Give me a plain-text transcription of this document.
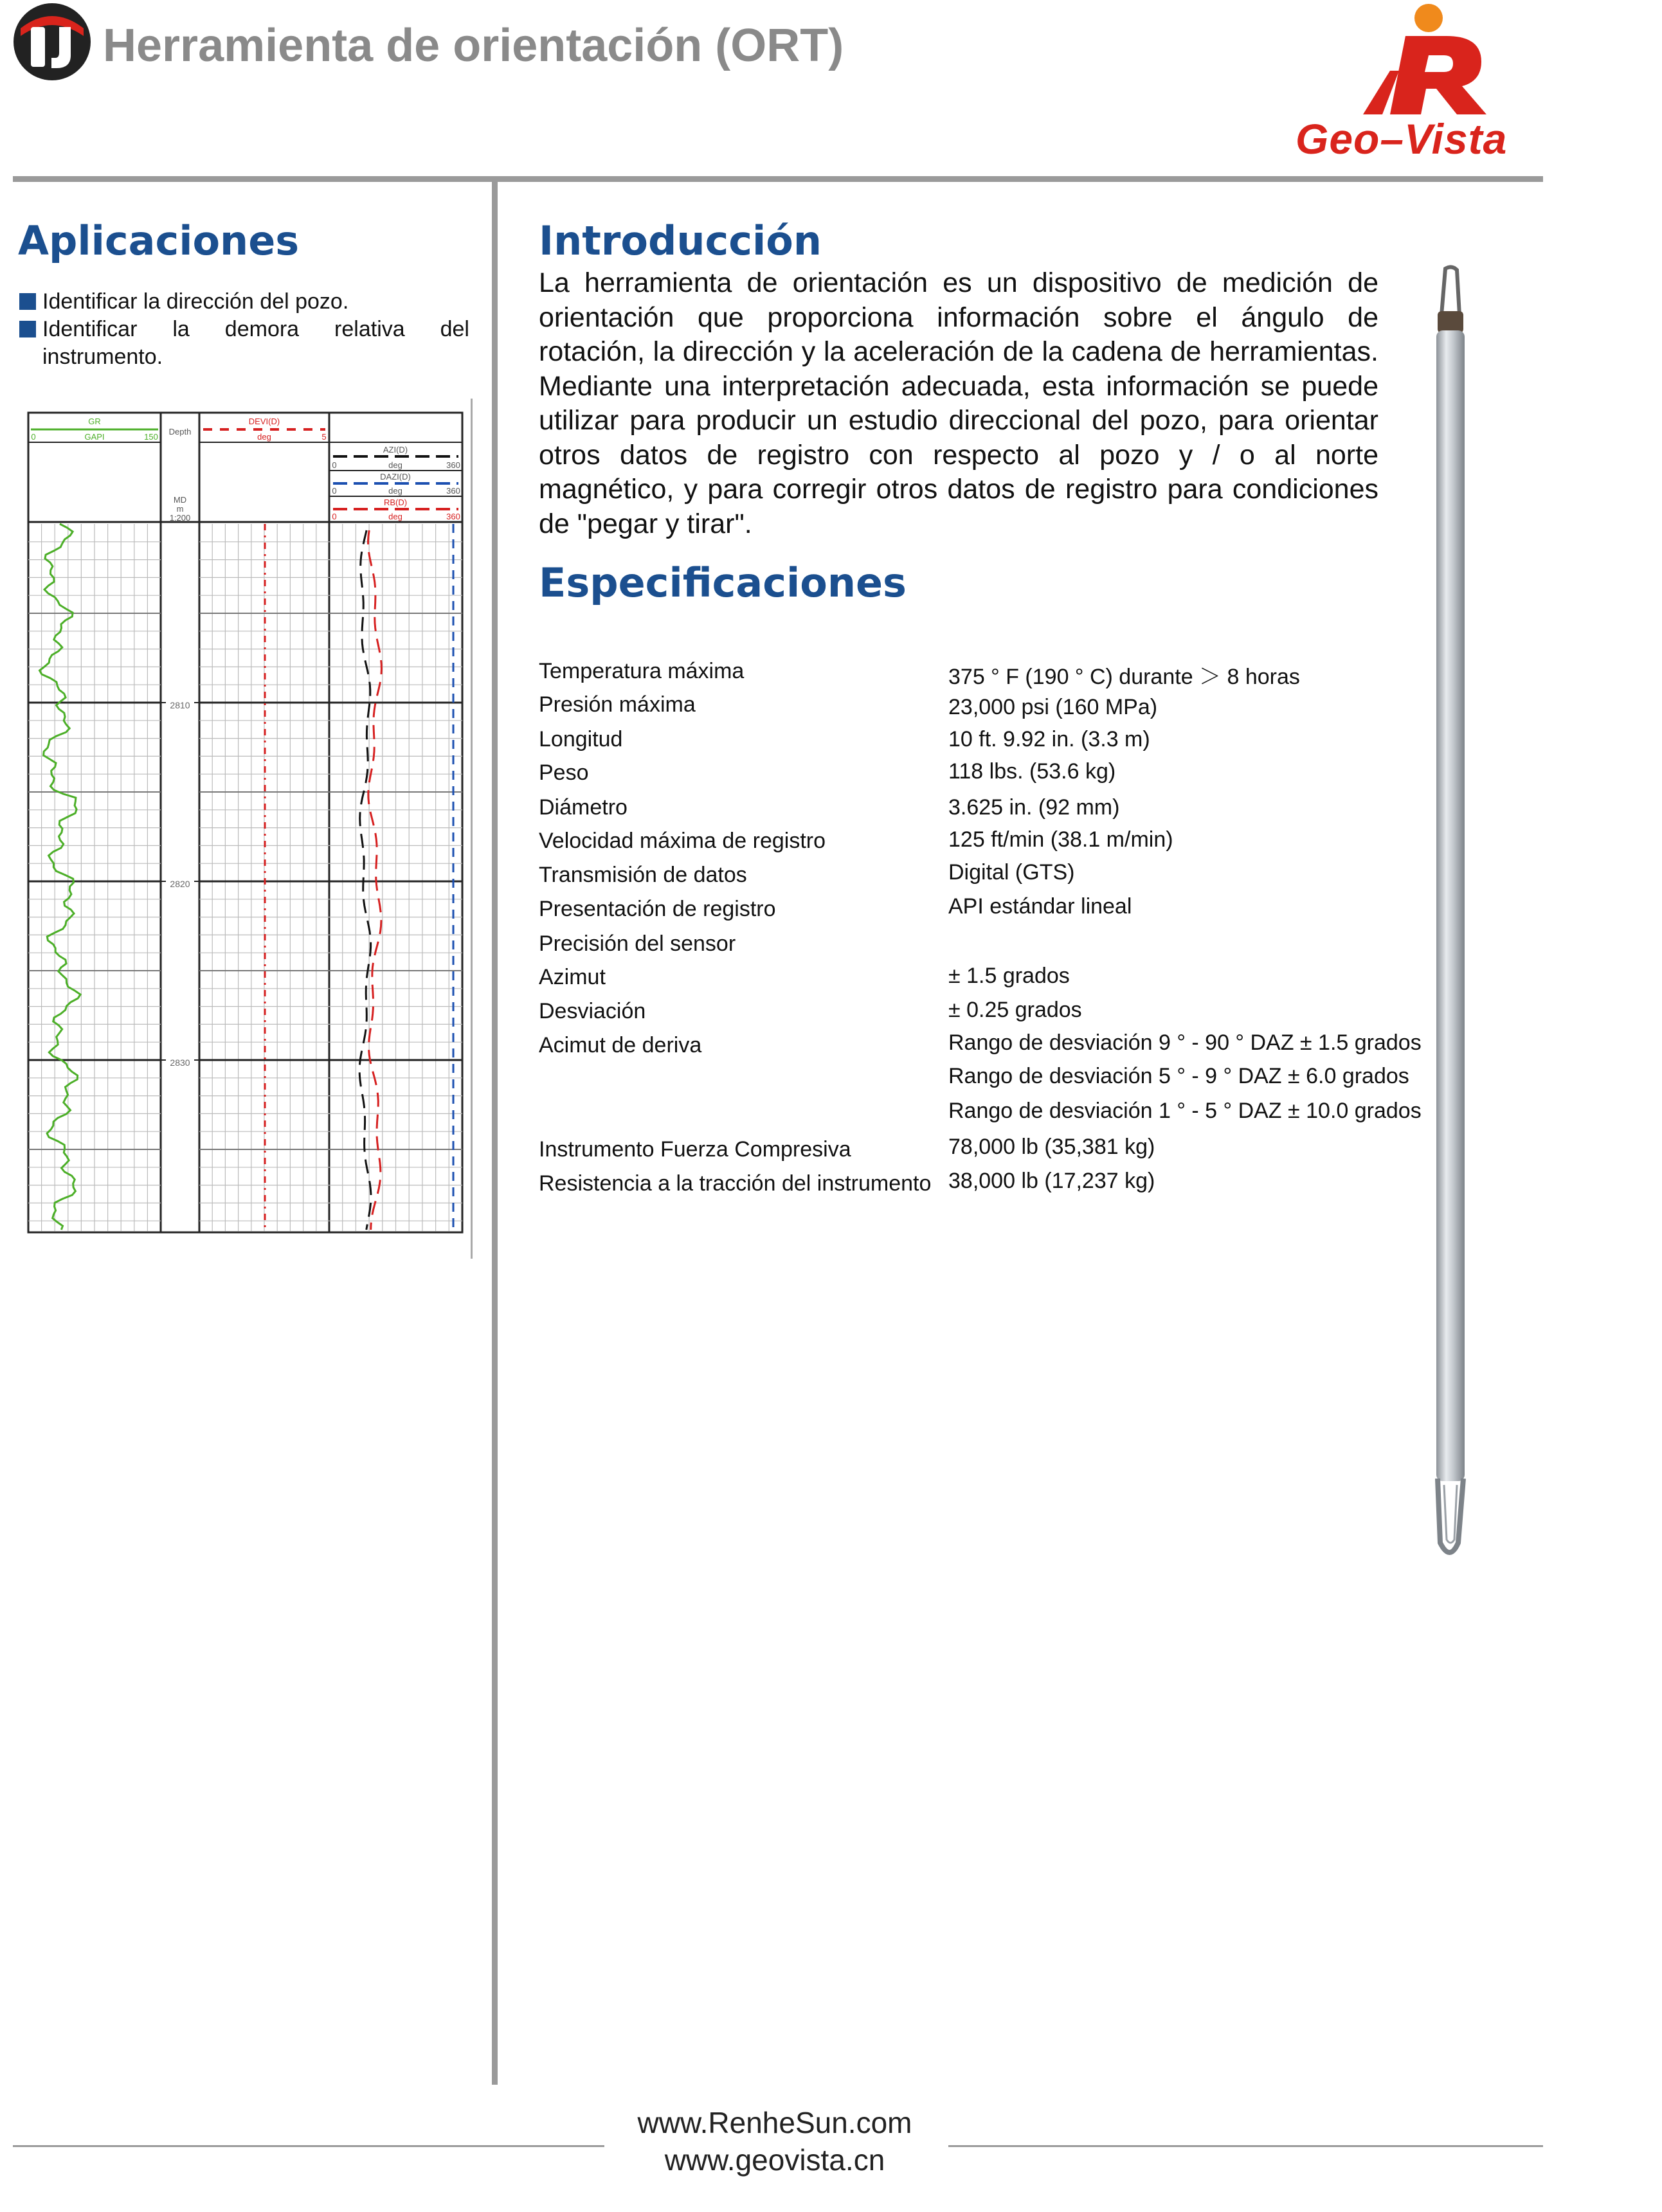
Herramienta de orientación (ORT)
Geo–Vista
Aplicaciones
Identificar la dirección del pozo.
Identificar la demora relativa del instrumento.
GR
GAPI
0	150
Depth
DEVI(D)
deg	5
AZI(D)
deg
0	360
DAZI(D)
deg
0	360
RB(D)
deg
0	360
MD
m
1:200
2810
2820
2830
Introducción

La herramienta de orientación es un dispositivo de medición de orientación que proporciona información sobre el ángulo de rotación, la dirección y la aceleración de la cadena de herramientas. Mediante una interpretación adecuada, esta información se puede utilizar para producir un estudio direccional del pozo, para orientar otros datos de registro con respecto al pozo y / o al norte magnético, y para corregir otros datos de registro para condiciones de "pegar y tirar".

Especificaciones
Temperatura máxima	375 ° F (190 ° C) durante ＞ 8 horas
Presión máxima	23,000 psi (160 MPa)
Longitud	10 ft. 9.92 in. (3.3 m)
Peso	118 lbs. (53.6 kg)
Diámetro	3.625 in. (92 mm)
Velocidad máxima de registro	125 ft/min (38.1 m/min)
Transmisión de datos	Digital (GTS)
Presentación de registro	API estándar lineal
Precisión del sensor
Azimut	± 1.5 grados
Desviación	± 0.25 grados
Acimut de deriva	Rango de desviación 9 ° - 90 ° DAZ ± 1.5 grados
Rango de desviación 5 ° - 9 ° DAZ ± 6.0 grados
Rango de desviación 1 ° - 5 ° DAZ ± 10.0 grados
Instrumento Fuerza Compresiva	78,000 lb (35,381 kg)
Resistencia a la tracción del instrumento 38,000 lb (17,237 kg)
www.RenheSun.com
www.geovista.cn
